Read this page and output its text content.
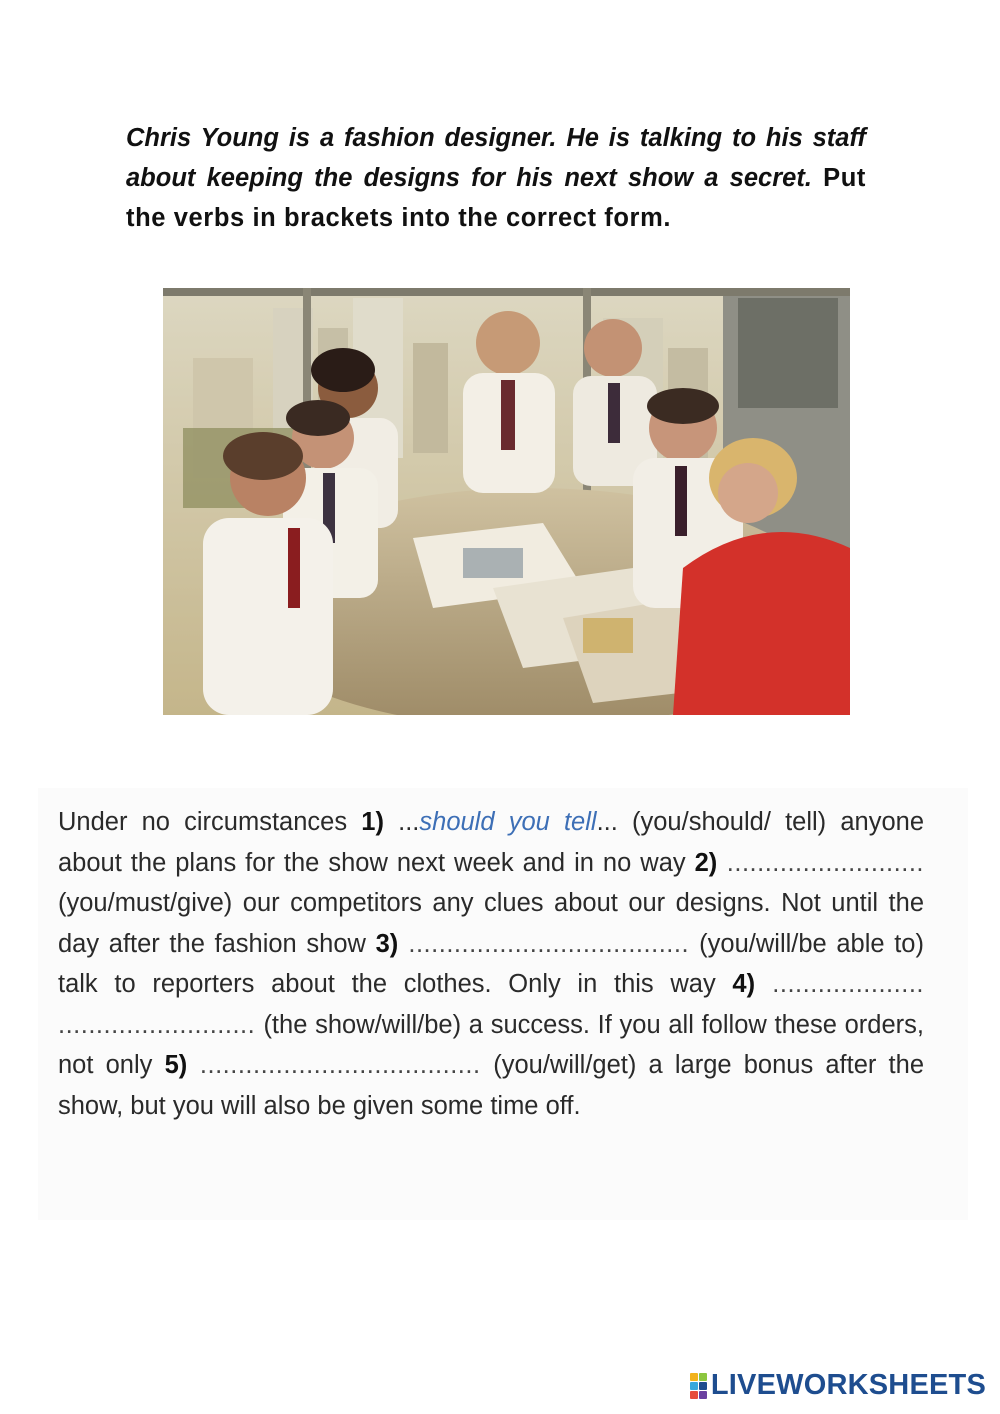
Chris Young is a fashion designer. He is talking to his staff about keeping the designs for his next show a secret. Put the verbs in brackets into the correct form.
Under no circumstances 1) ...should you tell... (you/should/ tell) anyone about the plans for the show next week and in no way 2) .......................... (you/must/give) our competitors any clues about our designs. Not until the day after the fashion show 3) ..................................... (you/will/be able to) talk to reporters about the clothes. Only in this way 4) .................... .......................... (the show/will/be) a success. If you all follow these orders, not only 5) ..................................... (you/will/get) a large bonus after the show, but you will also be given some time off.
LIVEWORKSHEETS
